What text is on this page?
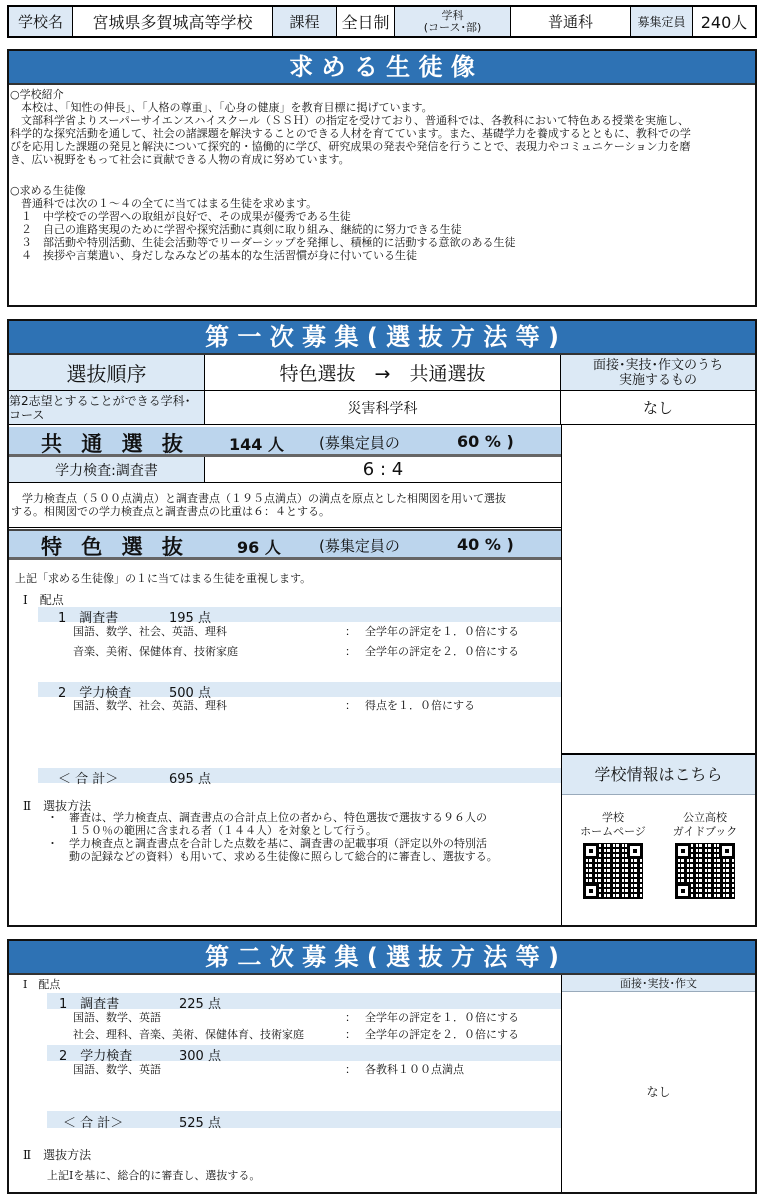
学校名	宮城県多賀城高等学校	課程	全日制	学科
(コース･部)	普通科	募集定員 240人
求 め る 生 徒 像
○学校紹介
　本校は、「知性の伸長」、「人格の尊重」、「心身の健康」を教育目標に掲げています。
　文部科学省よりスーパーサイエンスハイスクール（ＳＳＨ）の指定を受けており、普通科では、各教科において特色ある授業を実施し、
科学的な探究活動を通して、社会の諸課題を解決することのできる人材を育てています。また、基礎学力を養成するとともに、教科での学
びを応用した課題の発見と解決について探究的・協働的に学び、研究成果の発表や発信を行うことで、表現力やコミュニケーション力を磨
き、広い視野をもって社会に貢献できる人物の育成に努めています。
○求める生徒像
　普通科では次の１～４の全てに当てはまる生徒を求めます。
　１　中学校での学習への取組が良好で、その成果が優秀である生徒
　２　自己の進路実現のために学習や探究活動に真剣に取り組み、継続的に努力できる生徒
　３　部活動や特別活動、生徒会活動等でリーダーシップを発揮し、積極的に活動する意欲のある生徒
　４　挨拶や言葉遣い、身だしなみなどの基本的な生活習慣が身に付いている生徒
第 一 次 募 集 ( 選 抜 方 法 等 )
選抜順序	特色選抜　→　共通選抜	面接･実技･作文のうち
実施するもの
第2志望とすることができる学科･コース	災害科学科	なし
共 通 選 抜	144 人 (募集定員の	60 % )
学力検査:調査書	6 : 4
　学力検査点（５００点満点）と調査書点（１９５点満点）の満点を原点とした相関図を用いて選抜
する。相関図での学力検査点と調査書点の比重は６：４とする。
特 色 選 抜	96 人	(募集定員の	40 % )
上記「求める生徒像」の１に当てはまる生徒を重視します。
Ⅰ　配点
1　調査書	195 点
国語、数学、社会、英語、理科	： 全学年の評定を１．０倍にする
音楽、美術、保健体育、技術家庭	： 全学年の評定を２．０倍にする
2　学力検査	500 点
国語、数学、社会、英語、理科	： 得点を１．０倍にする
＜ 合 計＞	695 点
Ⅱ　選抜方法
・	審査は、学力検査点、調査書点の合計点上位の者から、特色選抜で選抜する９６人の
１５０％の範囲に含まれる者（１４４人）を対象として行う。
・	学力検査点と調査書点を合計した点数を基に、調査書の記載事項（評定以外の特別活
動の記録などの資料）も用いて、求める生徒像に照らして総合的に審査し、選抜する。
学校情報はこちら
学校
ホームページ
公立高校
ガイドブック
第 二 次 募 集 ( 選 抜 方 法 等 )
面接･実技･作文
なし
Ⅰ　配点
1　調査書	225 点
国語、数学、英語	： 全学年の評定を１．０倍にする
社会、理科、音楽、美術、保健体育、技術家庭	： 全学年の評定を２．０倍にする
2　学力検査	300 点
国語、数学、英語	： 各教科１００点満点
＜ 合 計＞	525 点
Ⅱ　選抜方法
上記Ⅰを基に、総合的に審査し、選抜する。
